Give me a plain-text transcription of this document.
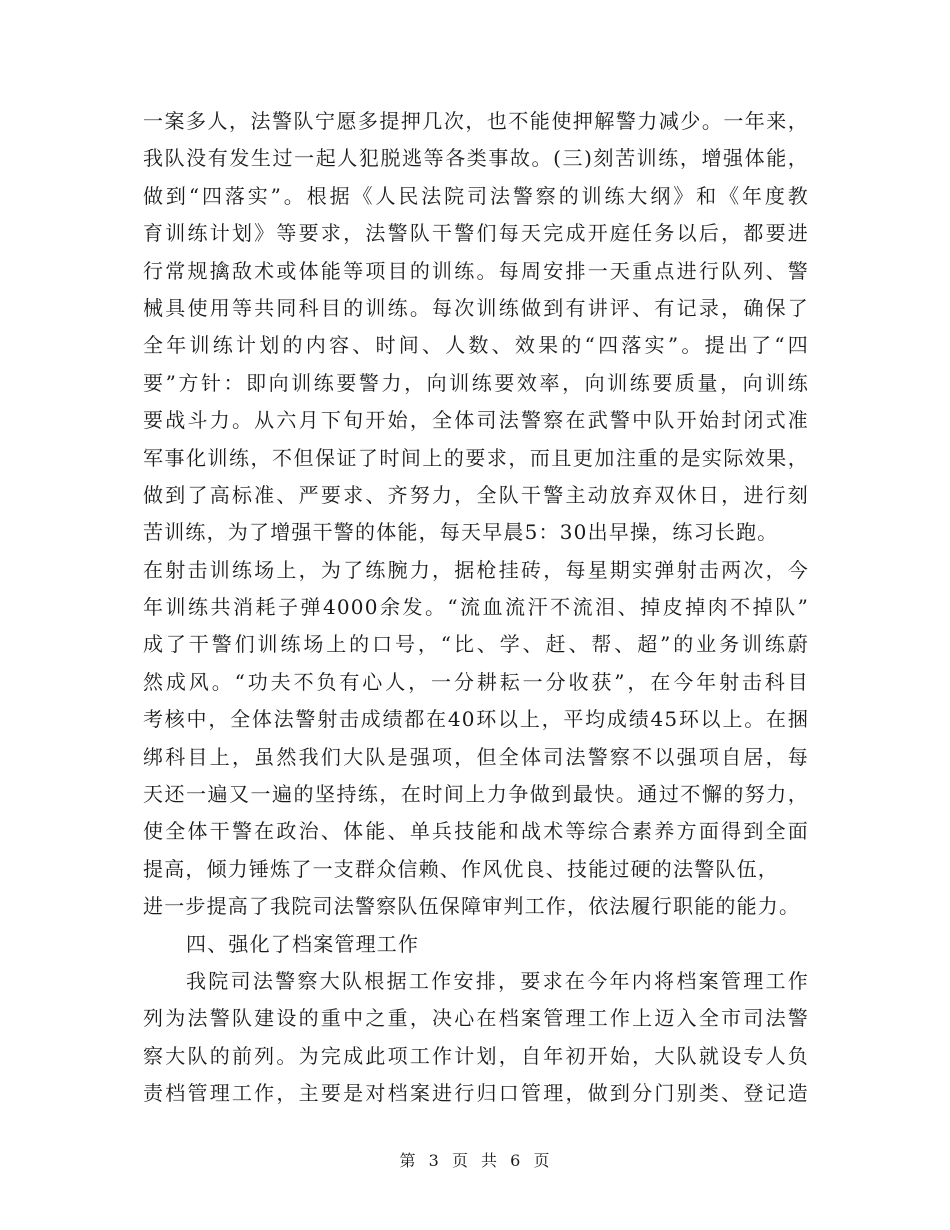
一案多人，法警队宁愿多提押几次，也不能使押解警力减少。一年来，
我队没有发生过一起人犯脱逃等各类事故。(三)刻苦训练，增强体能，
做到“四落实”。根据《人民法院司法警察的训练大纲》和《年度教
育训练计划》等要求，法警队干警们每天完成开庭任务以后，都要进
行常规擒敌术或体能等项目的训练。每周安排一天重点进行队列、警
械具使用等共同科目的训练。每次训练做到有讲评、有记录，确保了
全年训练计划的内容、时间、人数、效果的“四落实”。提出了“四
要”方针：即向训练要警力，向训练要效率，向训练要质量，向训练
要战斗力。从六月下旬开始，全体司法警察在武警中队开始封闭式准
军事化训练，不但保证了时间上的要求，而且更加注重的是实际效果，
做到了高标准、严要求、齐努力，全队干警主动放弃双休日，进行刻
苦训练，为了增强干警的体能，每天早晨5：30出早操，练习长跑。
在射击训练场上，为了练腕力，据枪挂砖，每星期实弹射击两次，今
年训练共消耗子弹4000余发。“流血流汗不流泪、掉皮掉肉不掉队”
成了干警们训练场上的口号，“比、学、赶、帮、超”的业务训练蔚
然成风。“功夫不负有心人，一分耕耘一分收获”，在今年射击科目
考核中，全体法警射击成绩都在40环以上，平均成绩45环以上。在捆
绑科目上，虽然我们大队是强项，但全体司法警察不以强项自居，每
天还一遍又一遍的坚持练，在时间上力争做到最快。通过不懈的努力，
使全体干警在政治、体能、单兵技能和战术等综合素养方面得到全面
提高，倾力锤炼了一支群众信赖、作风优良、技能过硬的法警队伍，
进一步提高了我院司法警察队伍保障审判工作，依法履行职能的能力。
四、强化了档案管理工作
我院司法警察大队根据工作安排，要求在今年内将档案管理工作
列为法警队建设的重中之重，决心在档案管理工作上迈入全市司法警
察大队的前列。为完成此项工作计划，自年初开始，大队就设专人负
责档管理工作，主要是对档案进行归口管理，做到分门别类、登记造
第 3 页 共 6 页
